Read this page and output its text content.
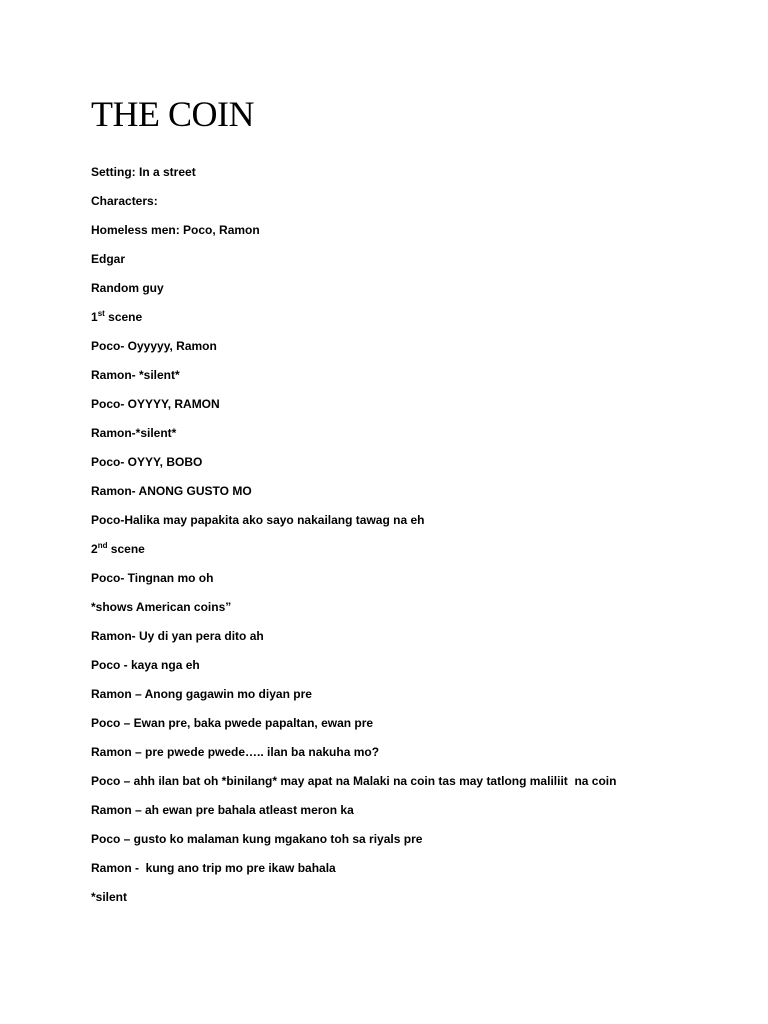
THE COIN
Setting: In a street
Characters:
Homeless men: Poco, Ramon
Edgar
Random guy
1st scene
Poco- Oyyyyy, Ramon
Ramon- *silent*
Poco- OYYYY, RAMON
Ramon-*silent*
Poco- OYYY, BOBO
Ramon- ANONG GUSTO MO
Poco-Halika may papakita ako sayo nakailang tawag na eh
2nd scene
Poco- Tingnan mo oh
*shows American coins”
Ramon- Uy di yan pera dito ah
Poco - kaya nga eh
Ramon – Anong gagawin mo diyan pre
Poco – Ewan pre, baka pwede papaltan, ewan pre
Ramon – pre pwede pwede….. ilan ba nakuha mo?
Poco – ahh ilan bat oh *binilang* may apat na Malaki na coin tas may tatlong maliliit  na coin
Ramon – ah ewan pre bahala atleast meron ka
Poco – gusto ko malaman kung mgakano toh sa riyals pre
Ramon -  kung ano trip mo pre ikaw bahala
*silent
